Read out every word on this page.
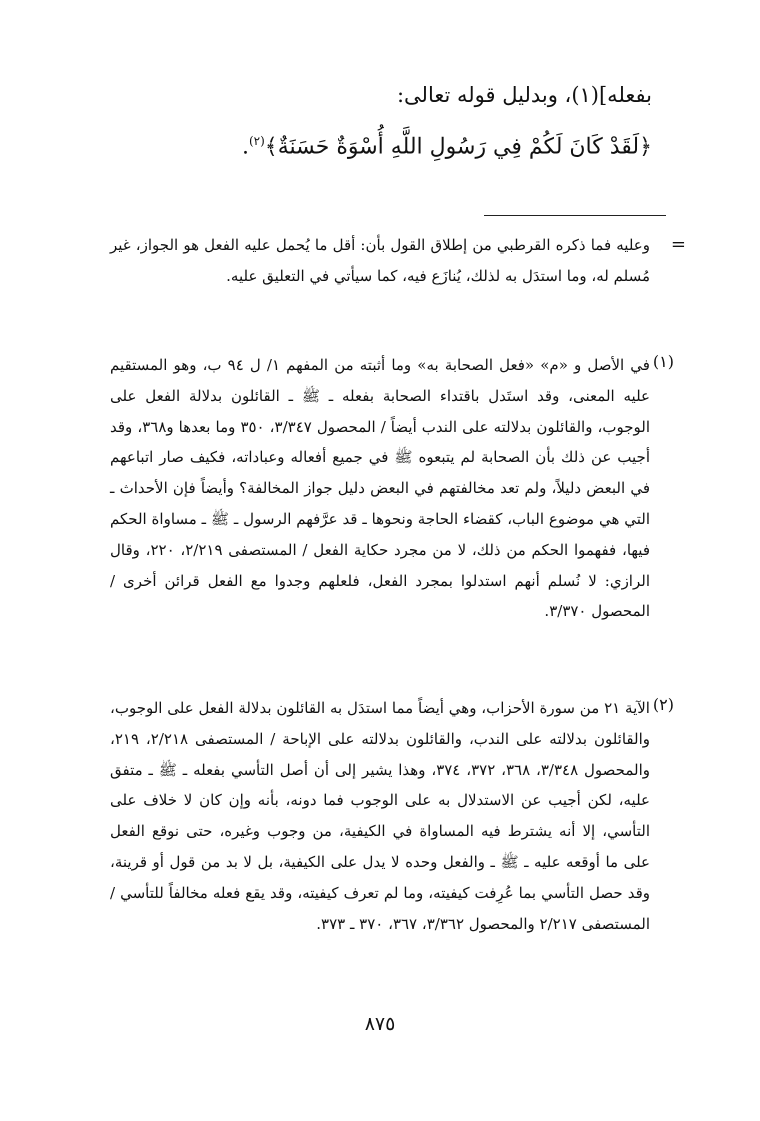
بفعله](١)، وبدليل قوله تعالى:
﴿لَقَدْ كَانَ لَكُمْ فِي رَسُولِ اللَّهِ أُسْوَةٌ حَسَنَةٌ﴾$^{(٢)}$.
=
وعليه فما ذكره القرطبي من إطلاق القول بأن: أقل ما يُحمل عليه الفعل هو الجواز، غير مُسلم له، وما استدَل به لذلك، يُنازَع فيه، كما سيأتي في التعليق عليه.
(١)
في الأصل و «م» «فعل الصحابة به» وما أثبته من المفهم ١/ ل ٩٤ ب، وهو المستقيم عليه المعنى، وقد استَدل باقتداء الصحابة بفعله ـ ﷺ ـ القائلون بدلالة الفعل على الوجوب، والقائلون بدلالته على الندب أيضاً / المحصول ٣/٣٤٧، ٣٥٠ وما بعدها و٣٦٨، وقد أجيب عن ذلك بأن الصحابة لم يتبعوه ﷺ في جميع أفعاله وعباداته، فكيف صار اتباعهم في البعض دليلاً، ولم تعد مخالفتهم في البعض دليل جواز المخالفة؟ وأيضاً فإن الأحداث ـ التي هي موضوع الباب، كقضاء الحاجة ونحوها ـ قد عرَّفهم الرسول ـ ﷺ ـ مساواة الحكم فيها، ففهموا الحكم من ذلك، لا من مجرد حكاية الفعل / المستصفى ٢/٢١٩، ٢٢٠، وقال الرازي: لا نُسلم أنهم استدلوا بمجرد الفعل، فلعلهم وجدوا مع الفعل قرائن أخرى / المحصول ٣/٣٧٠.
(٢)
الآية ٢١ من سورة الأحزاب، وهي أيضاً مما استدَل به القائلون بدلالة الفعل على الوجوب، والقائلون بدلالته على الندب، والقائلون بدلالته على الإباحة / المستصفى ٢/٢١٨، ٢١٩، والمحصول ٣/٣٤٨، ٣٦٨، ٣٧٢، ٣٧٤، وهذا يشير إلى أن أصل التأسي بفعله ـ ﷺ ـ متفق عليه، لكن أجيب عن الاستدلال به على الوجوب فما دونه، بأنه وإن كان لا خلاف على التأسي، إلا أنه يشترط فيه المساواة في الكيفية، من وجوب وغيره، حتى نوقع الفعل على ما أوقعه عليه ـ ﷺ ـ والفعل وحده لا يدل على الكيفية، بل لا بد من قول أو قرينة، وقد حصل التأسي بما عُرِفت كيفيته، وما لم تعرف كيفيته، وقد يقع فعله مخالفاً للتأسي / المستصفى ٢/٢١٧ والمحصول ٣/٣٦٢، ٣٦٧، ٣٧٠ ـ ٣٧٣.
٨٧٥
